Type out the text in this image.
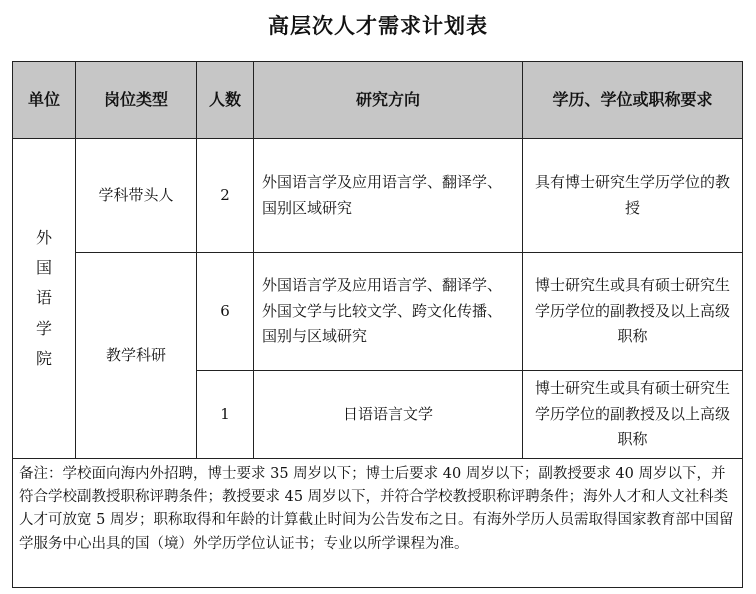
高层次人才需求计划表
单位	岗位类型	人数	研究方向	学历、学位或职称要求
外国语学院	学科带头人	2	外国语言学及应用语言学、翻译学、国别区域研究	具有博士研究生学历学位的教授
	教学科研	6	外国语言学及应用语言学、翻译学、外国文学与比较文学、跨文化传播、国别与区域研究	博士研究生或具有硕士研究生学历学位的副教授及以上高级职称
		1	日语语言文学	博士研究生或具有硕士研究生学历学位的副教授及以上高级职称
备注：学校面向海内外招聘，博士要求 35 周岁以下；博士后要求 40 周岁以下；副教授要求 40 周岁以下，并符合学校副教授职称评聘条件；教授要求 45 周岁以下，并符合学校教授职称评聘条件；海外人才和人文社科类人才可放宽 5 周岁；职称取得和年龄的计算截止时间为公告发布之日。有海外学历人员需取得国家教育部中国留学服务中心出具的国（境）外学历学位认证书；专业以所学课程为准。				
